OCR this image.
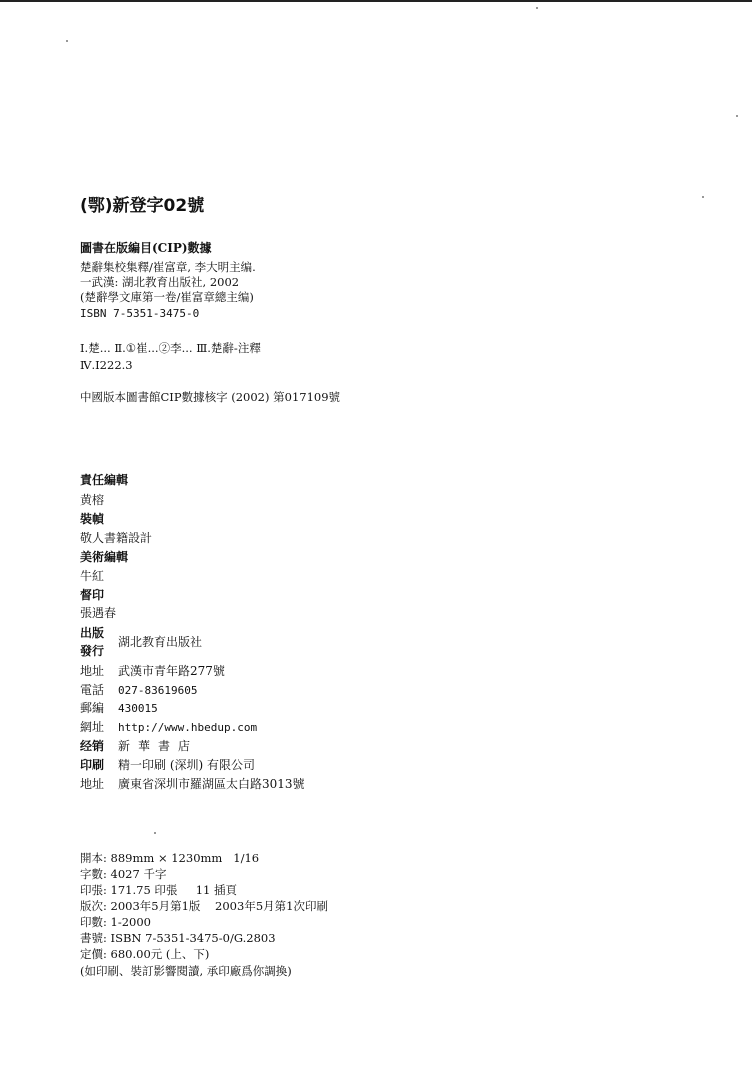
(鄂)新登字02號
圖書在版編目(CIP)數據
楚辭集校集釋/崔富章, 李大明主编.
一武漢: 湖北教育出版社, 2002
(楚辭學文庫第一卷/崔富章總主编)
ISBN 7-5351-3475-0
Ⅰ.楚... Ⅱ.①崔...②李... Ⅲ.楚辭-注釋
Ⅳ.I222.3
中國版本圖書館CIP數據核字 (2002) 第017109號
責任編輯
黄榕
裝幀
敬人書籍設計
美術編輯
牛紅
督印
張遇春
出版
發行
湖北教育出版社
地址 武漢市青年路277號
電話 027-83619605
郵編 430015
網址 http://www.hbedup.com
经销 新華書店
印刷 精一印刷 (深圳) 有限公司
地址 廣東省深圳市羅湖區太白路3013號
開本: 889mm × 1230mm   1/16
字數: 4027 千字
印張: 171.75 印張     11 插頁
版次: 2003年5月第1版    2003年5月第1次印刷
印數: 1-2000
書號: ISBN 7-5351-3475-0/G.2803
定價: 680.00元 (上、下)
(如印刷、裝訂影響閱讀, 承印廠爲你調換)
